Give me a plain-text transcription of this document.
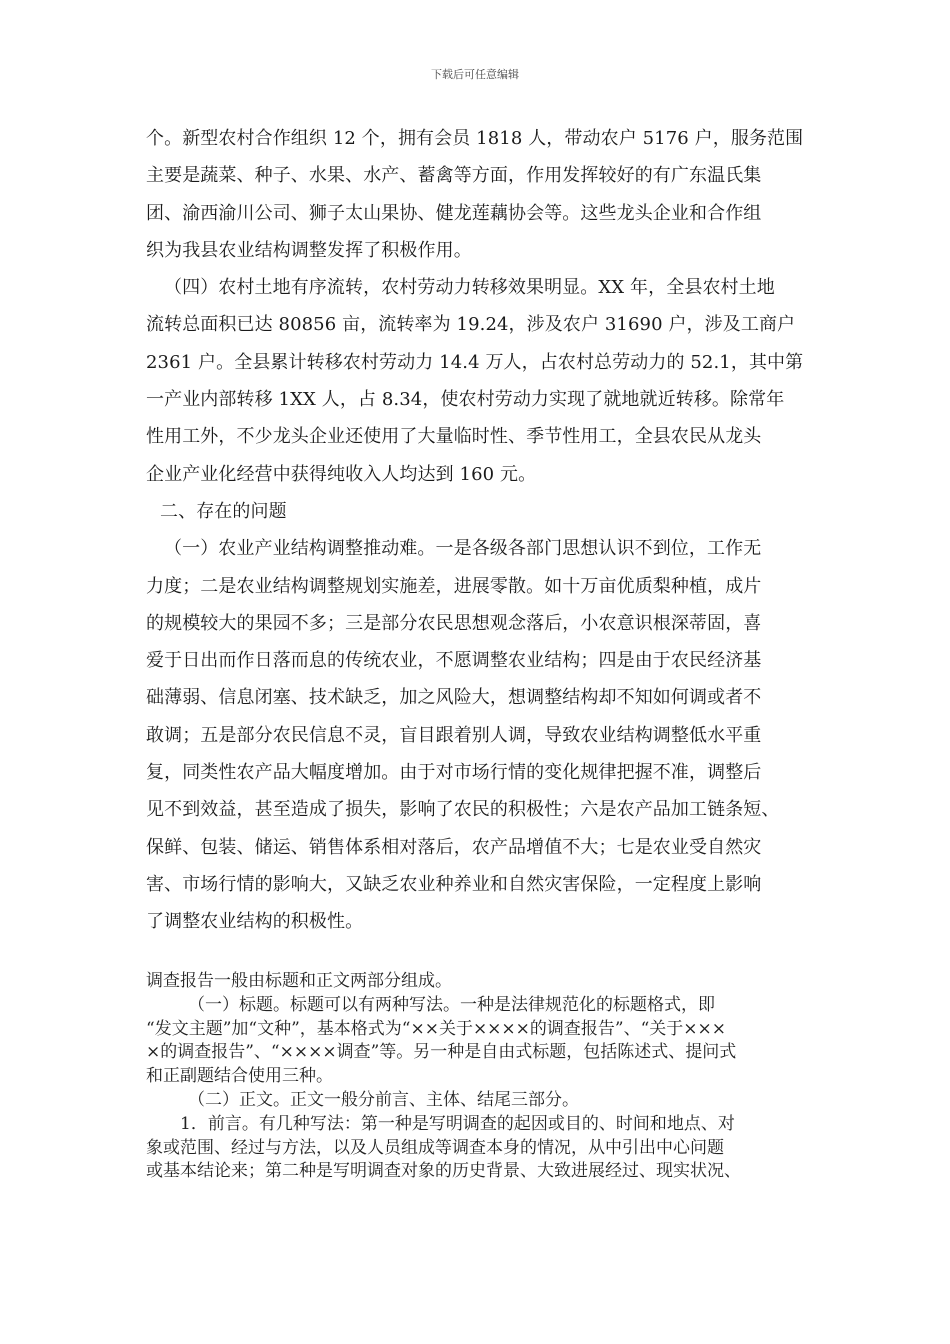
下载后可任意编辑

个。新型农村合作组织 12 个，拥有会员 1818 人，带动农户 5176 户，服务范围
主要是蔬菜、种子、水果、水产、蓄禽等方面，作用发挥较好的有广东温氏集
团、渝西渝川公司、狮子太山果协、健龙莲藕协会等。这些龙头企业和合作组
织为我县农业结构调整发挥了积极作用。

（四）农村土地有序流转，农村劳动力转移效果明显。XX 年，全县农村土地
流转总面积已达 80856 亩，流转率为 19.24，涉及农户 31690 户，涉及工商户
2361 户。全县累计转移农村劳动力 14.4 万人，占农村总劳动力的 52.1，其中第
一产业内部转移 1XX 人，占 8.34，使农村劳动力实现了就地就近转移。除常年
性用工外，不少龙头企业还使用了大量临时性、季节性用工，全县农民从龙头
企业产业化经营中获得纯收入人均达到 160 元。

二、存在的问题

（一）农业产业结构调整推动难。一是各级各部门思想认识不到位，工作无
力度；二是农业结构调整规划实施差，进展零散。如十万亩优质梨种植，成片
的规模较大的果园不多；三是部分农民思想观念落后，小农意识根深蒂固，喜
爱于日出而作日落而息的传统农业，不愿调整农业结构；四是由于农民经济基
础薄弱、信息闭塞、技术缺乏，加之风险大，想调整结构却不知如何调或者不
敢调；五是部分农民信息不灵，盲目跟着别人调，导致农业结构调整低水平重
复，同类性农产品大幅度增加。由于对市场行情的变化规律把握不准，调整后
见不到效益，甚至造成了损失，影响了农民的积极性；六是农产品加工链条短、
保鲜、包装、储运、销售体系相对落后，农产品增值不大；七是农业受自然灾
害、市场行情的影响大，又缺乏农业种养业和自然灾害保险，一定程度上影响
了调整农业结构的积极性。

调查报告一般由标题和正文两部分组成。

（一）标题。标题可以有两种写法。一种是法律规范化的标题格式，即
“发文主题”加“文种”，基本格式为“××关于××××的调查报告”、“关于×××
×的调查报告”、“××××调查”等。另一种是自由式标题，包括陈述式、提问式
和正副题结合使用三种。

（二）正文。正文一般分前言、主体、结尾三部分。

1．前言。有几种写法：第一种是写明调查的起因或目的、时间和地点、对
象或范围、经过与方法，以及人员组成等调查本身的情况，从中引出中心问题
或基本结论来；第二种是写明调查对象的历史背景、大致进展经过、现实状况、
